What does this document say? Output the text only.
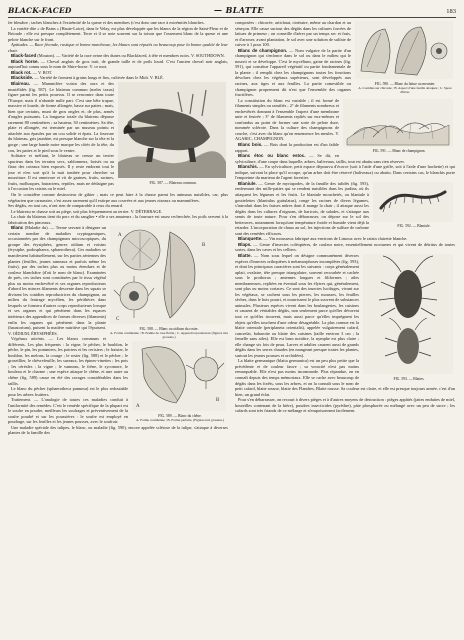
BLACK-FACED	— BLATTE	183

fer bleuâtre ; taches blanches à l'extrémité de la queue et des membres (c'est donc une race à extrémités blanches.

La variété dite « de Bains » (Haute-Loire), dans le Velay, est plus développée que les blancs de la région de Saint-Fleur et de Brioude ; elle est presque complètement. Terre et il se note souvent sur la toison que l'ossement blanc de la queue et une pelote blanche sur le front.

Aptitudes. — Race féconde, rustique et bonne marcheuse, les blancs sont réputés ou beaucoup pour la bonne qualité de leur chair.

Black-faced (Mouton). — Variété de la race ovine des dunes ou Blackfaced, à tête et membres noirs. V. SOUTHDOWN.

Black horse. — Cheval anglais de gros trait, de grande taille et de poils lourd. C'est l'ancien cheval noir anglais, aujourd'hui connu sous le nom de Shire-horse. V. ce mot.

Black rot. — V. ROT.

Blackside. — Variété de froment à grains longs et fins, cultivée dans le Midi. V. BLÉ.

FIG. 587. — Blaireau commun.

Blaireau. — Mammifère voisin des ours et des mustélidés (fig. 587). Le blaireau commun (meles taxus) figure parmi les petits pourvus. Il se rencontre dans toute l'Europe, mais il n'abonde nulle part. C'est une bête trapue, massive et lourde, de forme allongée, basse sur pattes ; mais, bien que certains, muni de gros ongles et, de plus, armés d'ongles puissants. La longueur totale du blaireau dépasse rarement 80 centimètres ; sa hauteur, 30 centimètres. Sa tête, plate et allongée, est terminée par un museau pointu et attachée aux épaules par un cou solide et épais. La fourrure du blaireau, gris jaunâtre, est presque blanche sur la tête et la gorge ; une large bande noire marque les côtés de la tête, du cou, les pattes et le pied sous le ventre.

Solitaire et méfiant, le blaireau se creuse un terrier spacieux dans les terrains secs, sablonneux, boisés ou au flanc des coteaux bien exposés. Il y reste endormi tout le jour et n'en sort qu'à la nuit tombée pour chercher sa nourriture. Il est omnivore et vit de graines, fruits, racines, fruits, mollusques, batraciens, reptiles, mais ne dédaigne pas à l'occasion les raisins ou le miel.

On le considère comme destructeur de gibier ; mais ce peut faire à la chasse parmi les animaux nuisibles, car, plus végétarien que carnassier, c'est assez rarement qu'il extirpe aux couvées et aux jeunes oiseaux ou mammifères.

Ses dégâts, en tout cas, n'ont rien de comparable à ceux du renard.

Le blaireau se chasse soit au piège, soit plus fréquemment au terrier. V. DÉTERRAGE.

La chair du blaireau tient du porc et du sanglier • elle a ses amateurs ; la fourrure est assez recherchée, les poils servent à la fabrication des pinceaux.

A
B
C
FIG. 588. — Blanc ou oïdium du rosier.
A. Forme conidienne ; B. Feuille de rose flétrie ; C. Appareil reproducteur (figures très grossies.)

Blanc (Maladie du). — Terme servant à désigner un certain nombre de maladies cryptogamiques, occasionnées par des champignons microscopiques, du groupe des érysiphées, genres oïdium et voisins (érysiphe, podosphaera, sphaerotheca). Ces maladies se manifestent habituellement, sur les parties aériennes des plantes (feuilles, jeunes rameaux et parfois même les fruits), par des taches plus ou moins étendues et de couleur blanchâtre (d'où le nom de blanc). Examinées de près, ces taches sont constituées par le tissu végétal plus ou moins enchevêtré et ses organes reproducteurs d'abord les minces filaments descente dans les squats se divisent les conidies reproductrices du champignon, au milieu du feutrage mycélien, les périthèces dans lesquels se formera d'autres corps reproducteurs lorsque et ses organes et qui pénètrent dans les espaces intérieurs des appendices de formes diverses (filaments) enfin les organes qui pénètrent dans la plante (haustorium), puisent la matière nutritive qui l'épuisent. V. OÏDIUM, ÉRYSIPHÉES.

A
B
FIG. 589. — Blanc du chêne.
A. Forme conidienne ; B. Forme parfaite. (Figures très grossies.)

Végétaux atteints. — Les blancs communs et différents. Les plus fréquents : la vigne, le pêcher, le houblon, le pêche, le pin, les pommiers, les poiriers et les cerisiers ; le fraisier, le houblon, les melons, la courge ; le rosier (fig. 588) et le pêcher ; le groseillier, le chèvrefeuille, les sureaux, les épines-vinettes ; les pois ; les céréales ; la vigne ; le vanneau, le frêne, le sycomore, le bouleau et le charme ; une espèce attaque le chêne, et une autre au chêne (fig. 589) cause en été des ravages considérables dans les taillis.

Le blanc du pêcher (sphaerotheca pannosa) est le plus redoutable pour les arbres fruitiers.

Traitement. — L'analogie de toutes ces maladies conduit à l'uniformité des remèdes. C'est le remède spécifique de la plupart est le soufre en poudre, meilleurs les soufrages et préventivement de la soufre poudré et sur les poussières : le soufre est employé en poudrage, sur les feuilles et les jeunes pousses, avec le soufroir.

Une maladie spéciale des tulipes, le blanc, ou maladie (fig. 590), encore appelée sclérose de la tulipe, s'attaque à diverses plantes de la famille des

FIG. 590. — Blanc du laitue ou meunier.
A. Conidies sur chicorée ; B. Aspect d'une feuille attaquée ; C. Spore d'hiver.

composées : chicorée, artichaut, cinéraire, même au chardon et au séneçon. Elle cause surtout des dégâts dans les cultures forcées de laitues de primeur ; on conseille d'aérer par un temps sec et frais, et d'arroser, avant plantation, le sol avec une solution de sulfate de cuivre à 1 pour 100.

Blanc de champignon. — Nom vulgaire de la partie d'un champignon qui s'enfonce dans le sol ou dans le milieu qui le nourrit et se développe. C'est le mycélium, gaine de racines (fig. 591), qui constitue l'appareil végétatif ou partie fondamentale de la plante ; il remplit chez les champignons toutes les fonctions dévolues chez les végétaux supérieurs, sont développés aux racines, aux tiges et aux feuilles. La partie comestible ou champignon proprement dit n'est que l'ensemble des organes fructifères.

FIG. 591. — Blanc de champignon.

La constitution du blanc est variable ; il est formé de filaments simples ou ramifiés ; 2° de filaments nombreux et enchevêtrés donnant à l'ensemble l'aspect d'une membrane unie et feutrée ; 3° de filaments repliés sur eux-mêmes et confondus au point de former une sorte de pelote dure, nommée sclérote. Dans la culture des champignons de couche, c'est avec du blanc qu'on ensemence les meules. V. AGARIC, CHAMPIGNON.

Blanc bois. — Bois dont la production est d'un faible rapport.

Blanc étoc ou blanc estoc. — Se dit, en sylviculture, d'une coupe dans laquelle, arbres, baliveaux, taillis, tout est abattu sans rien réserver.

Blanchis. — En sylviculture, petit espace dépourvu d'écorce (soit à l'aide d'une griffe, soit à l'aide d'une hachette) et qui indique, suivant la place qu'il occupe, qu'un arbre doit être réservé (baliveaux) ou abattu. Dans certains cas, le blanchis porte l'empreinte du marteau de l'agent forestier.

FIG. 592. — Blaniule.

Blaniule. — Genre de myriapodes, de la famille des iulidés (fig. 593), renfermant des mille-pattes qui se rendent nuisibles dans les jardins, où ils attaquent les légumes et les fruits. Le blaniule mouchetés, ou blaniule à gouttelettes (blaniulus guttulatus), ronge les racines de divers légumes, s'introduit dans les fraises mûres dont il mange la chair ; il attaque aussi les dégâts dans les cultures d'oignons, de haricots, de salades, et s'attaque aux semis de toute nature. Pour s'en débarrasser, on dépose sur le sol des betteraves, notamment lorsqu'une température froide et humide vient déjà la retarder. L'incorporation de chaux au sol, les injections de sulfure de carbone sont des remèdes efficaces.

Blanquette. — Vin mousseux fabriqué aux environs de Limoux avec le raisin clairette blanche.

Blaps. — Genre d'insectes coléoptères, de couleur noire, essentiellement nocturnes et qui vivent de détritus de toutes sortes, dans les caves et les celliers.

FIG. 593. — Blattes.

Blatte. — Nom sous lequel on désigne communément diverses espèces d'insectes orthoptères à métamorphoses incomplètes (fig. 593), et dont les principaux caractères sont les suivants : corps généralement aplati, ovalaire, tête presque triangulaire, souvent recourbée et cachée sous le prothorax ; antennes longues et filiformes ; ailes membraneuses, repliées en éventail sous les élytres qui, généralement, sont plus ou moins coriaces. Ce sont des insectes lucifuges, vivant sur les végétaux, se cachent sous les pierres, les mousses, les feuilles sèches, dans le bois pourri, et nourrissent le plus souvent de substances animales. Plusieurs espèces vivent dans les boulangeries, les cuisines et causent de véritables dégâts, non seulement parce qu'elles dévorent tout ce qu'elles trouvent, mais aussi parce qu'elles imprègnent les objets qu'elles touchent d'une odeur désagréable. La plus connue est la blatte orientale (periplaneta orientalis), appelée vulgairement cafard, cancrelat, babarotte ou blatte des cuisines (taille environ 3 cm ; la femelle sans ailes). Elle est brun noirâtre, la nymphe est plus claire ; elle change six fois de peau. Larves et adultes causent aussi de grands dégâts dans les serres chaudes (en mangeant presque toutes les plantes, surtout les jeunes pousses et orchidées).

La blatte germanique (blatta germanica) est un peu plus petite que la précédente et de couleur fauve ; sa voracité n'est pas moins remarquable. Elle n'est pas moins incommode. Plus répandue, on en connaît depuis des temps mémoriaux. Elle se cache avec beaucoup de dégâts dans les forêts, sous les arbres, et on la connaît sous le nom de petit cafard, blatte rousse, blatte des Flandres, Blatte rousse. Sa couleur est claire, et elle est presque toujours armée, c'est d'un bien, un grand éclat.

Pour s'en débarrasser, on recourt à divers pièges et à d'autres moyens de destruction : pièges appâtés (jattes enduites de miel, bouteilles contenant de la bière), poudres insecticides (pyrèthre), pâte phosphorée ou mélangé avec un peu de sucre ; les cafards sont très friands de ce mélange et n'empoisonnent facilement.
